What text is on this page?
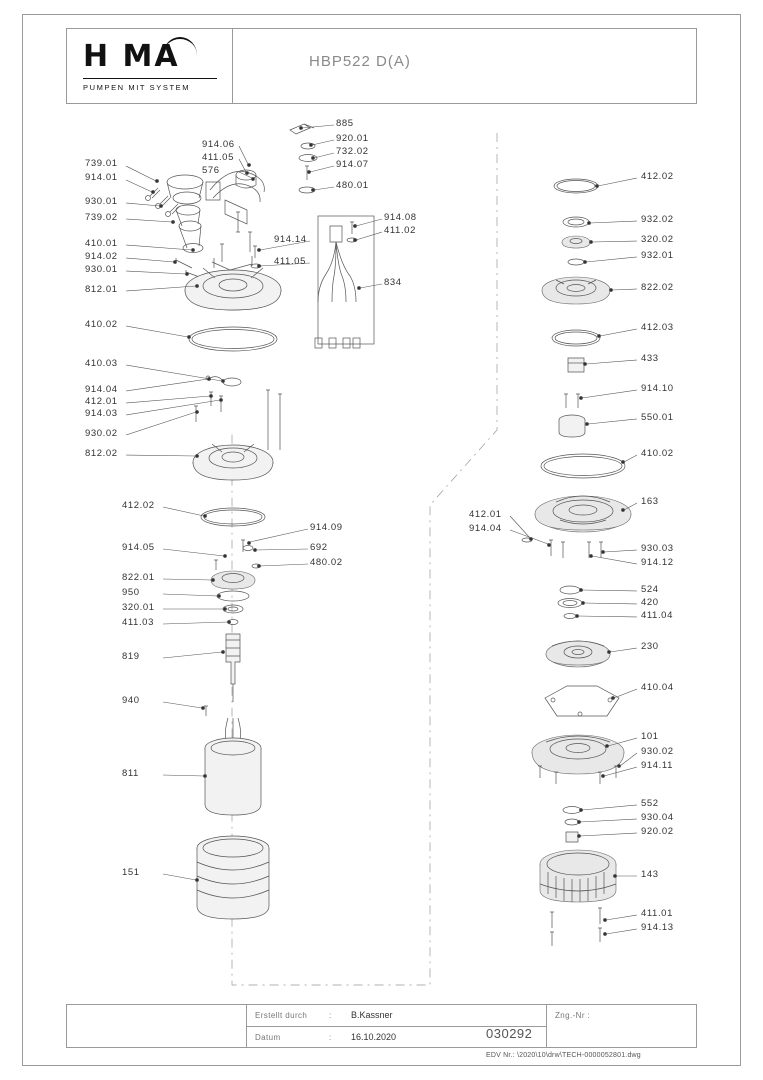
H MA
PUMPEN MIT SYSTEM
HBP522 D(A)
739.01
914.01
930.01
739.02
410.01
914.02
930.01
812.01
410.02
410.03
914.04
412.01
914.03
930.02
812.02
412.02
914.05
822.01
950
320.01
411.03
819
940
811
151
914.06
411.05
576
885
920.01
732.02
914.07
480.01
914.08
411.02
914.14
411.05
834
914.09
692
480.02
412.01
914.04
412.02
932.02
320.02
932.01
822.02
412.03
433
914.10
550.01
410.02
163
930.03
914.12
524
420
411.04
230
410.04
101
930.02
914.11
552
930.04
920.02
143
411.01
914.13
Erstellt durch	: B.Kassner
Datum	: 16.10.2020
Zng.-Nr :
030292
EDV Nr.: \2020\10\drw\TECH-0000052801.dwg
